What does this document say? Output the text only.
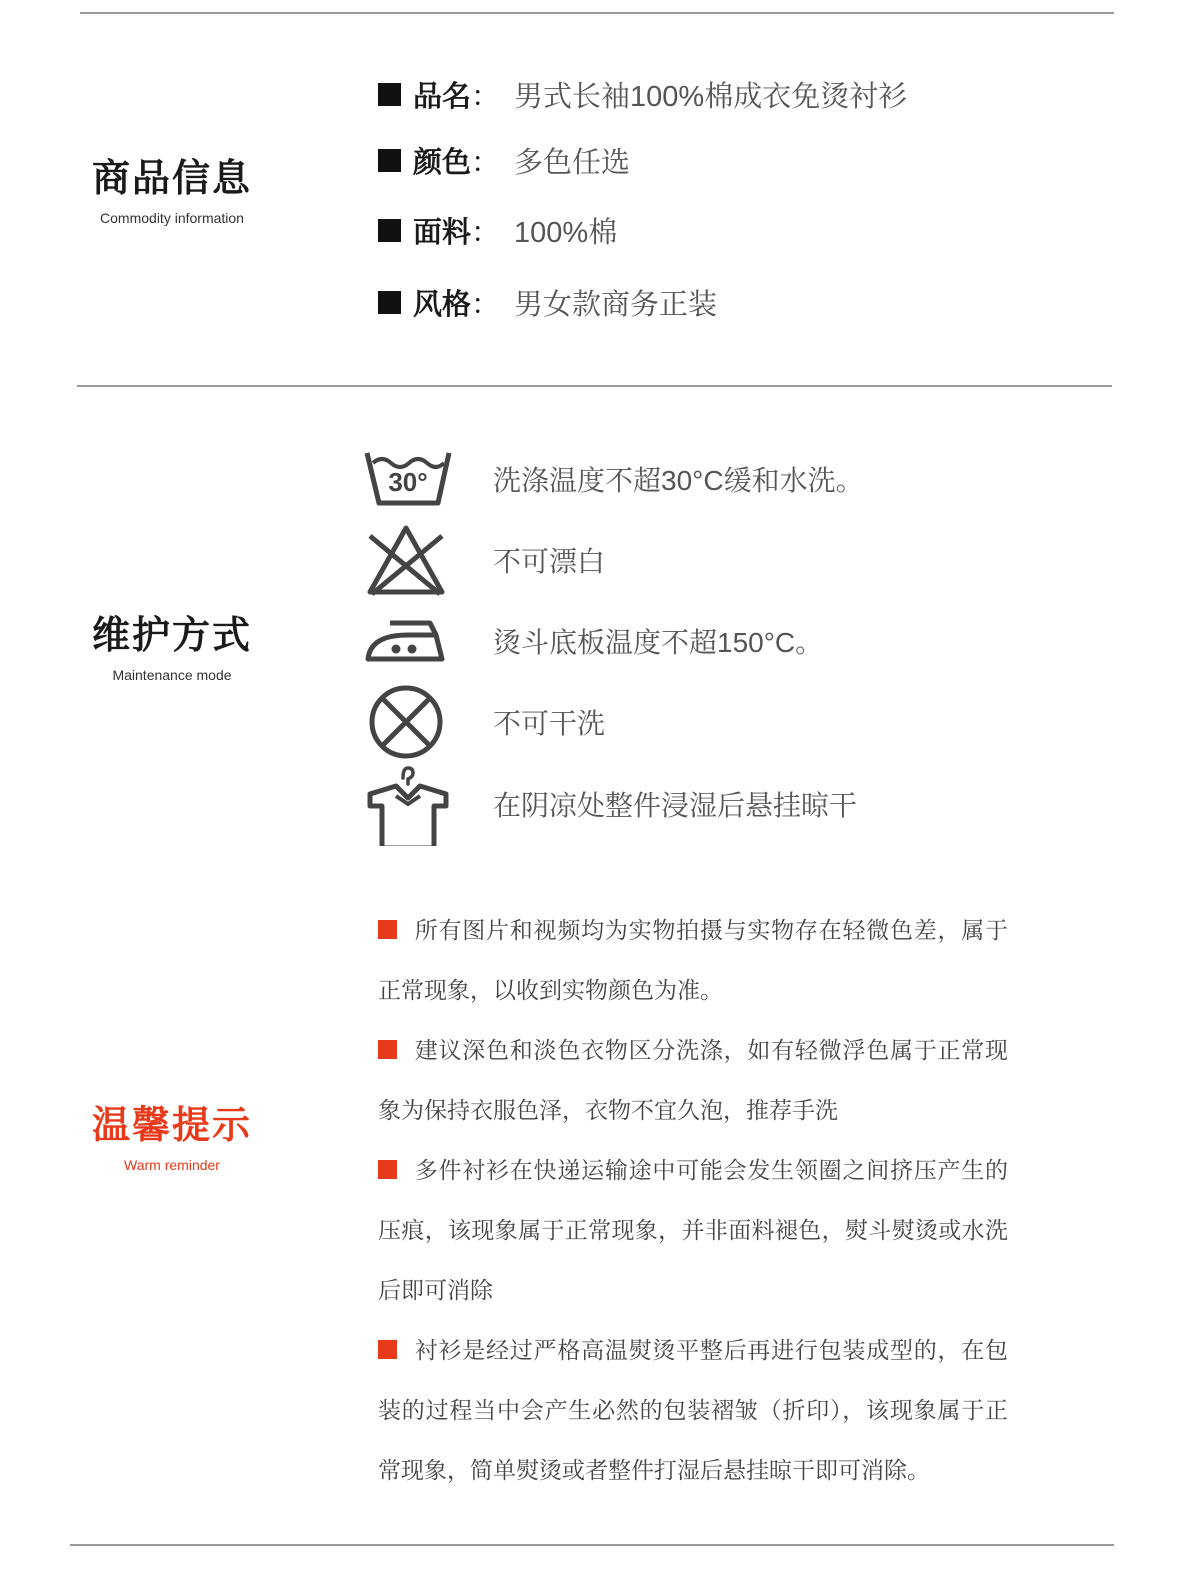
商品信息
Commodity information
品名 ： 男式长袖100%棉成衣免烫衬衫
颜色 ： 多色任选
面料 ： 100%棉
风格 ： 男女款商务正装
维护方式
Maintenance mode
30° 洗涤温度不超30°C缓和水洗。
不可漂白
烫斗底板温度不超150°C。
不可干洗
在阴凉处整件浸湿后悬挂晾干
温馨提示
Warm reminder

所有图片和视频均为实物拍摄与实物存在轻微色差，属于正常现象，以收到实物颜色为准。

建议深色和淡色衣物区分洗涤，如有轻微浮色属于正常现象为保持衣服色泽，衣物不宜久泡，推荐手洗

多件衬衫在快递运输途中可能会发生领圈之间挤压产生的压痕，该现象属于正常现象，并非面料褪色，熨斗熨烫或水洗后即可消除

衬衫是经过严格高温熨烫平整后再进行包装成型的，在包装的过程当中会产生必然的包装褶皱（折印），该现象属于正常现象，简单熨烫或者整件打湿后悬挂晾干即可消除。
